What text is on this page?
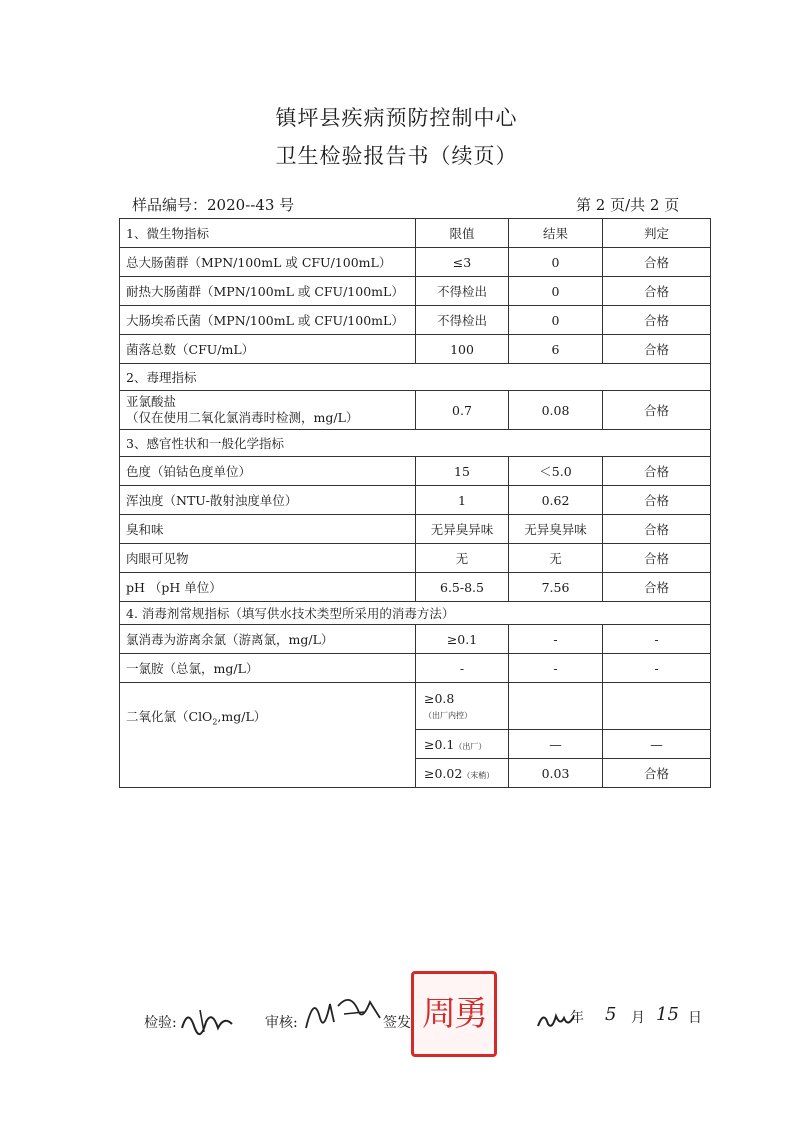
镇坪县疾病预防控制中心
卫生检验报告书（续页）
样品编号：2020--43 号	第 2 页/共 2 页
1、微生物指标	限值	结果	判定
总大肠菌群（MPN/100mL 或 CFU/100mL）	≤3	0	合格
耐热大肠菌群（MPN/100mL 或 CFU/100mL）	不得检出	0	合格
大肠埃希氏菌（MPN/100mL 或 CFU/100mL）	不得检出	0	合格
菌落总数（CFU/mL）	100	6	合格
2、毒理指标			

亚氯酸盐
（仅在使用二氧化氯消毒时检测，mg/L）	0.7	0.08	合格
3、感官性状和一般化学指标			
色度（铂钴色度单位）	15	＜5.0	合格
浑浊度（NTU-散射浊度单位）	1	0.62	合格
臭和味	无异臭异味	无异臭异味	合格
肉眼可见物	无	无	合格
pH （pH 单位）	6.5-8.5	7.56	合格
4. 消毒剂常规指标（填写供水技术类型所采用的消毒方法）			
氯消毒为游离余氯（游离氯，mg/L）	≥0.1	-	-
一氯胺（总氯，mg/L）	-	-	-
二氧化氯（ClO$_2$,mg/L）	≥0.8（出厂内控）		
	≥0.1（出厂）	—	—
	≥0.02（末梢）	0.03	合格
检验:	审核:	签发: 周勇	年 5 月 15 日
